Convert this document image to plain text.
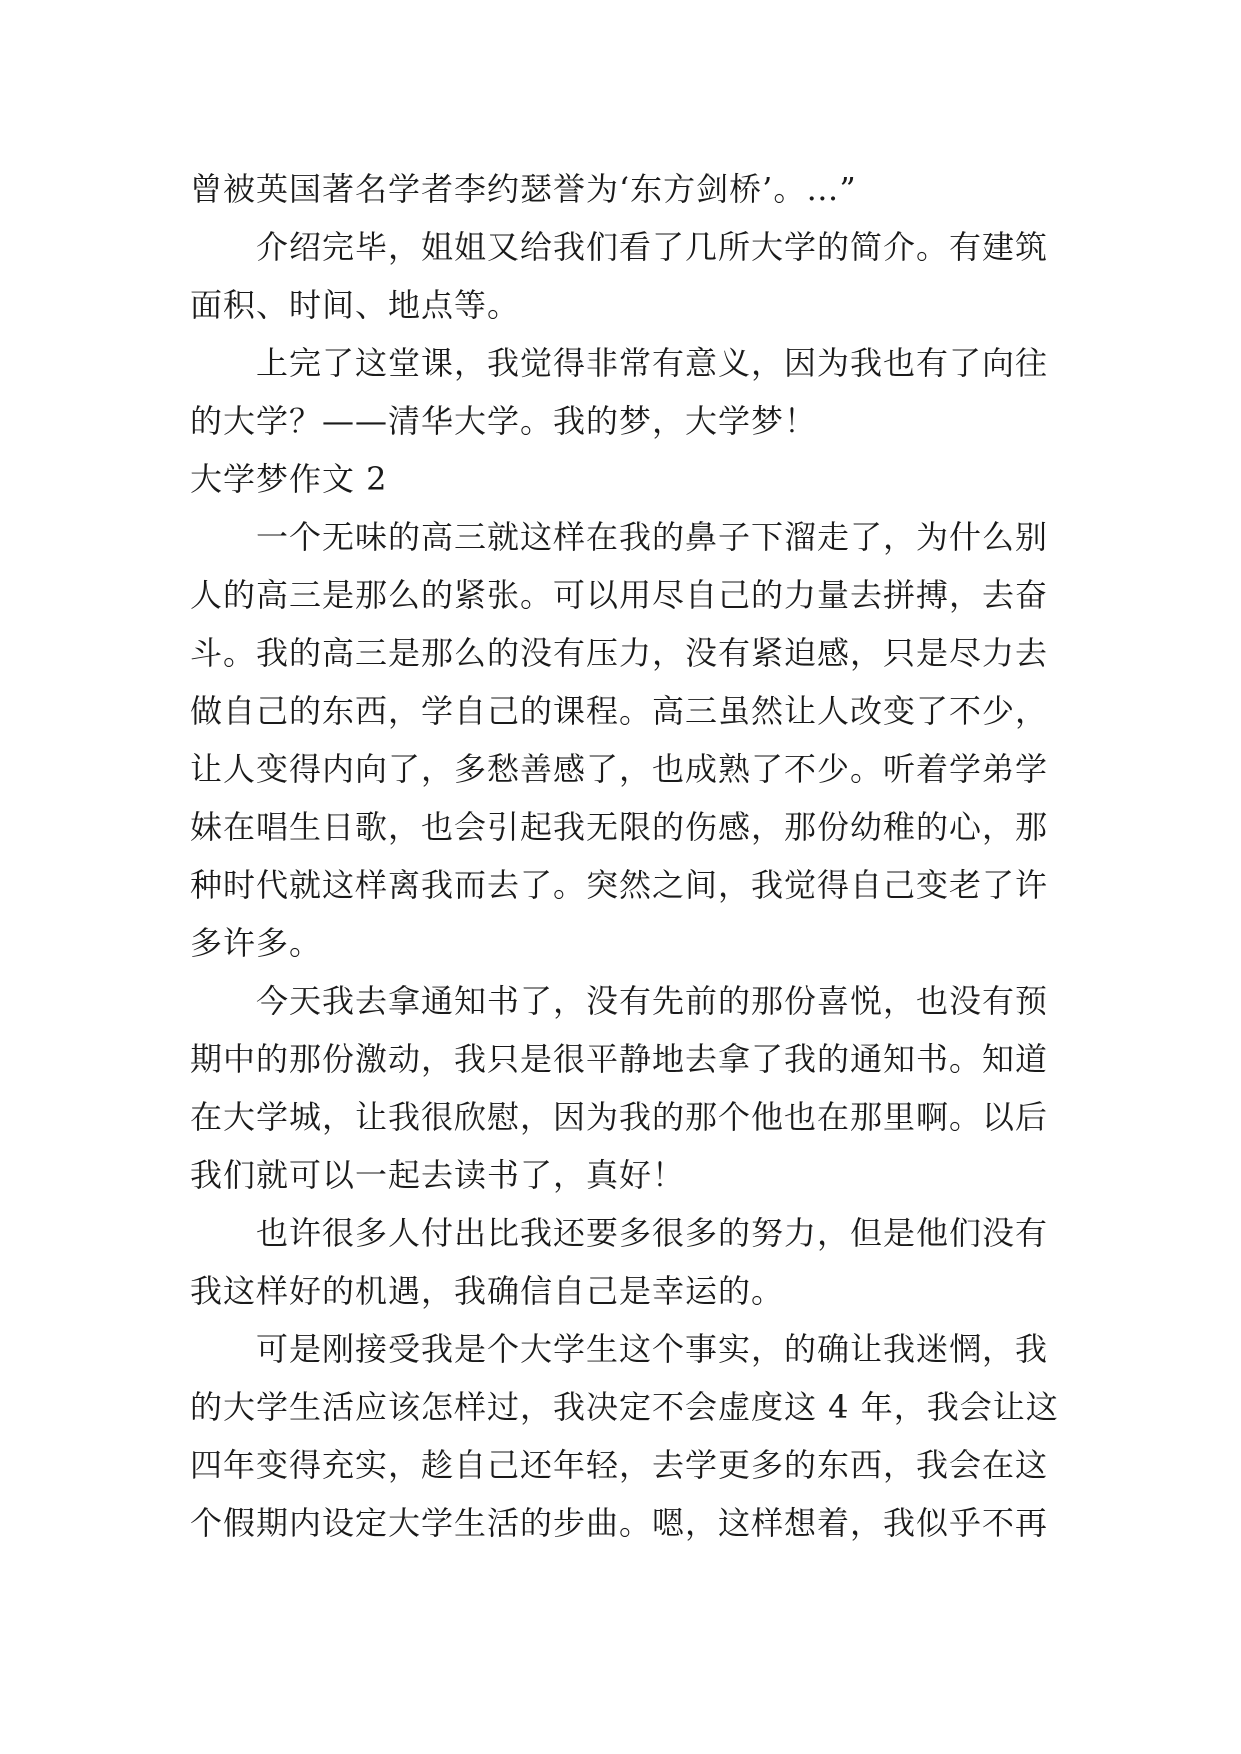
曾被英国著名学者李约瑟誉为‘东方剑桥’。…”

介绍完毕，姐姐又给我们看了几所大学的简介。有建筑面积、时间、地点等。

上完了这堂课，我觉得非常有意义，因为我也有了向往的大学？——清华大学。我的梦，大学梦！

大学梦作文 2

一个无味的高三就这样在我的鼻子下溜走了，为什么别人的高三是那么的紧张。可以用尽自己的力量去拼搏，去奋斗。我的高三是那么的没有压力，没有紧迫感，只是尽力去做自己的东西，学自己的课程。高三虽然让人改变了不少，让人变得内向了，多愁善感了，也成熟了不少。听着学弟学妹在唱生日歌，也会引起我无限的伤感，那份幼稚的心，那种时代就这样离我而去了。突然之间，我觉得自己变老了许多许多。

今天我去拿通知书了，没有先前的那份喜悦，也没有预期中的那份激动，我只是很平静地去拿了我的通知书。知道在大学城，让我很欣慰，因为我的那个他也在那里啊。以后我们就可以一起去读书了，真好！

也许很多人付出比我还要多很多的努力，但是他们没有我这样好的机遇，我确信自己是幸运的。

可是刚接受我是个大学生这个事实，的确让我迷惘，我的大学生活应该怎样过，我决定不会虚度这 4 年，我会让这四年变得充实，趁自己还年轻，去学更多的东西，我会在这个假期内设定大学生活的步曲。嗯，这样想着，我似乎不再
